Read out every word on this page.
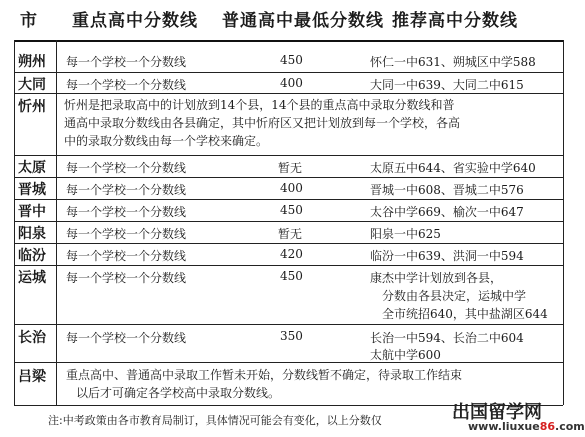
市 重点高中分数线 普通高中最低分数线 推荐高中分数线
朔州 每一个学校一个分数线	450	怀仁一中631、朔城区中学588
大同 每一个学校一个分数线	400	大同一中639、大同二中615
忻州 忻州是把录取高中的计划放到14个县，14个县的重点高中录取分数线和普
通高中录取分数线由各县确定，其中忻府区又把计划放到每一个学校，各高
中的录取分数线由每一个学校来确定。
太原 每一个学校一个分数线	暂无	太原五中644、省实验中学640
晋城 每一个学校一个分数线	400	晋城一中608、晋城二中576
晋中 每一个学校一个分数线	450	太谷中学669、榆次一中647
阳泉 每一个学校一个分数线	暂无	阳泉一中625
临汾 每一个学校一个分数线	420	临汾一中639、洪洞一中594
运城 每一个学校一个分数线	450	康杰中学计划放到各县，
分数由各县决定，运城中学
全市统招640，其中盐湖区644
长治 每一个学校一个分数线	350	长治一中594、长治二中604
太航中学600
吕梁 重点高中、普通高中录取工作暂未开始，分数线暂不确定，待录取工作结束
以后才可确定各学校高中录取分数线。
注:中考政策由各市教育局制订，具体情况可能会有变化，以上分数仅	出国留学网
www.liuxue86.com
